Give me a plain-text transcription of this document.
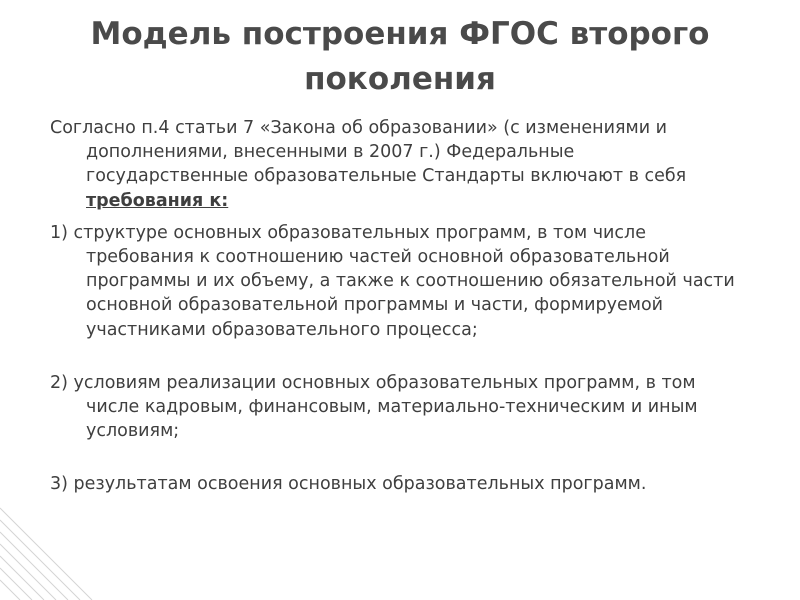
Модель построения ФГОС второго поколения

Согласно п.4 статьи 7 «Закона об образовании» (с изменениями и дополнениями, внесенными в 2007 г.) Федеральные государственные образовательные Стандарты включают в себя требования к:

1) структуре основных образовательных программ, в том числе требования к соотношению частей основной образовательной программы и их объему, а также к соотношению обязательной части основной образовательной программы и части, формируемой участниками образовательного процесса;

2) условиям реализации основных образовательных программ, в том числе кадровым, финансовым, материально-техническим и иным условиям;

3) результатам освоения основных образовательных программ.
